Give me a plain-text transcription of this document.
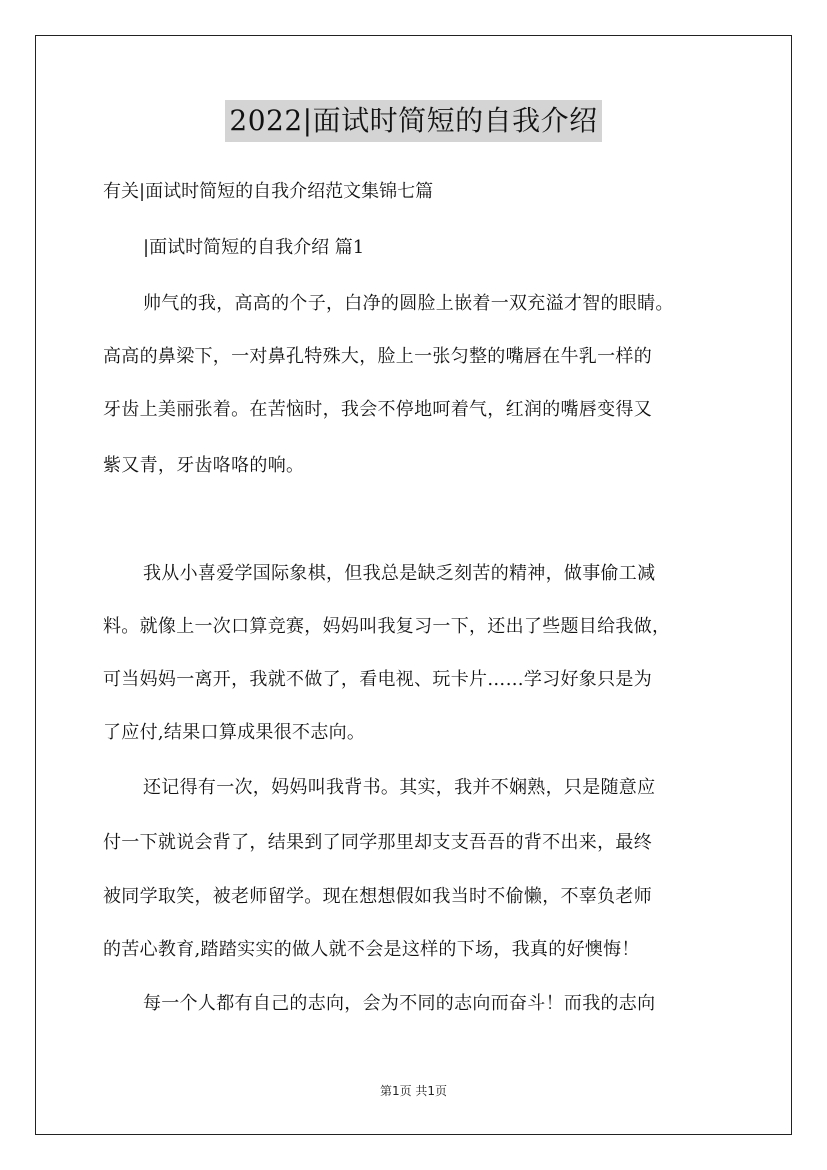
2022|面试时简短的自我介绍
有关|面试时简短的自我介绍范文集锦七篇
|面试时简短的自我介绍 篇1
帅气的我，高高的个子，白净的圆脸上嵌着一双充溢才智的眼睛。
高高的鼻梁下，一对鼻孔特殊大，脸上一张匀整的嘴唇在牛乳一样的
牙齿上美丽张着。在苦恼时，我会不停地呵着气，红润的嘴唇变得又
紫又青，牙齿咯咯的响。
我从小喜爱学国际象棋，但我总是缺乏刻苦的精神，做事偷工减
料。就像上一次口算竞赛，妈妈叫我复习一下，还出了些题目给我做，
可当妈妈一离开，我就不做了，看电视、玩卡片……学习好象只是为
了应付,结果口算成果很不志向。
还记得有一次，妈妈叫我背书。其实，我并不娴熟，只是随意应
付一下就说会背了，结果到了同学那里却支支吾吾的背不出来，最终
被同学取笑，被老师留学。现在想想假如我当时不偷懒，不辜负老师
的苦心教育,踏踏实实的做人就不会是这样的下场，我真的好懊悔！
每一个人都有自己的志向，会为不同的志向而奋斗！而我的志向
第1页 共1页
